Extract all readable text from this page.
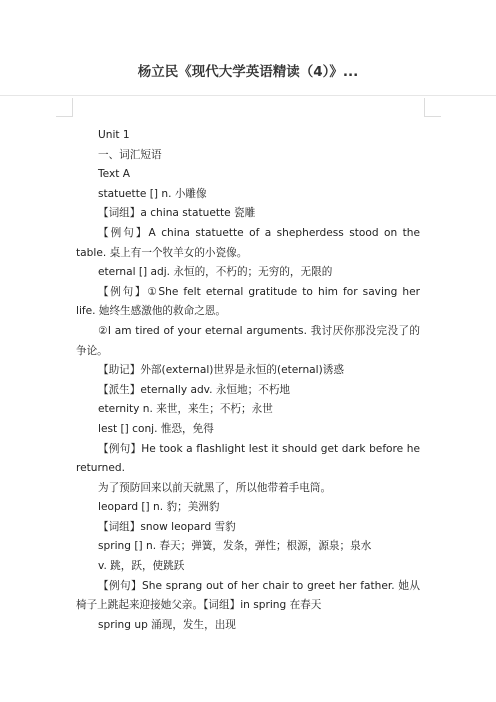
杨立民《现代大学英语精读（4）》...

Unit 1

一、词汇短语

Text A

statuette [] n. 小雕像

【词组】a china statuette 瓷雕

【例句】A china statuette of a shepherdess stood on the table. 桌上有一个牧羊女的小瓷像。

eternal [] adj. 永恒的，不朽的；无穷的，无限的

【例句】①She felt eternal gratitude to him for saving her life. 她终生感激他的救命之恩。

②I am tired of your eternal arguments. 我讨厌你那没完没了的争论。

【助记】外部(external)世界是永恒的(eternal)诱惑

【派生】eternally adv. 永恒地；不朽地

eternity n. 来世，来生；不朽；永世

lest [] conj. 惟恐，免得

【例句】He took a flashlight lest it should get dark before he returned.

为了预防回来以前天就黑了，所以他带着手电筒。

leopard [] n. 豹；美洲豹

【词组】snow leopard 雪豹

spring [] n. 春天；弹簧，发条，弹性；根源，源泉；泉水

v. 跳，跃，使跳跃

【例句】She sprang out of her chair to greet her father. 她从椅子上跳起来迎接她父亲。【词组】in spring 在春天

spring up 涌现，发生，出现
